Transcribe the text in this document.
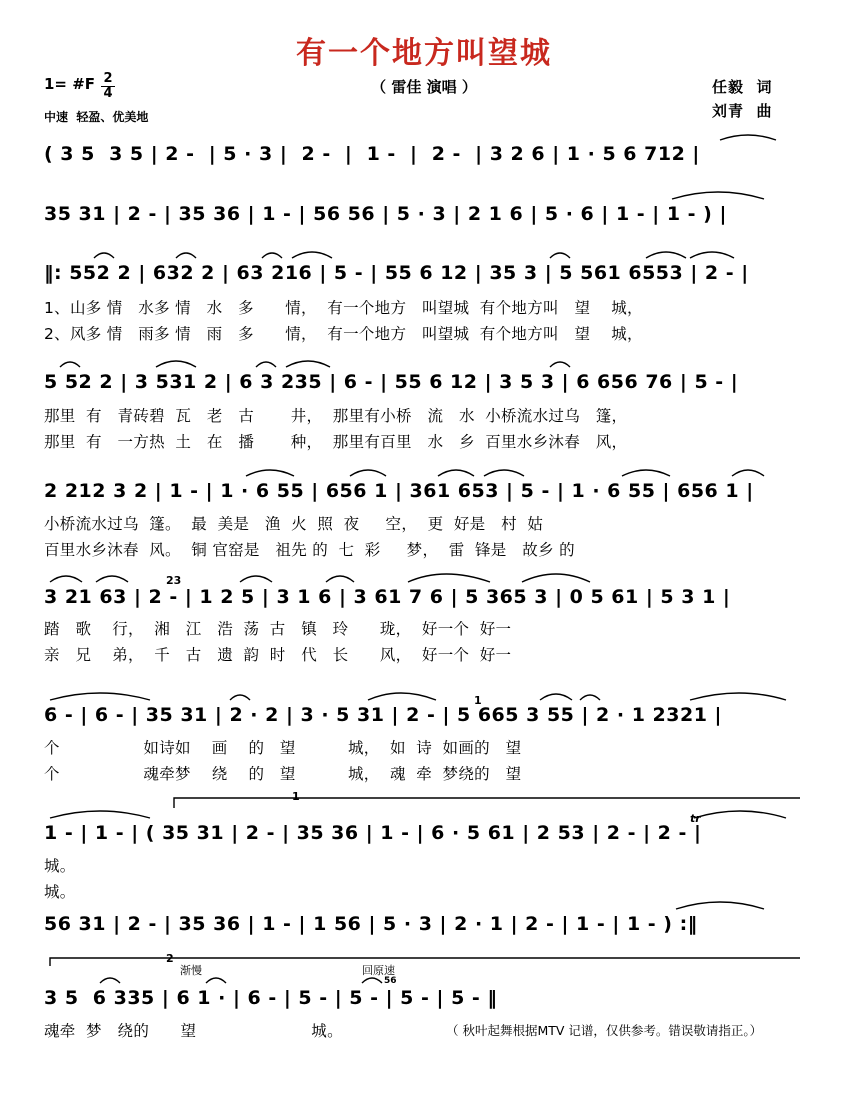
有一个地方叫望城
（ 雷佳 演唱 ）
1= #F 2
4
中速  轻盈、优美地
任毅  词
刘青  曲
( 3 5  3 5 | 2 -  | 5 · 3 |  2 -  |  1 -  |  2 -  | 3 2 6 | 1 · 5 6 712 |
35 31 | 2 - | 35 36 | 1 - | 56 56 | 5 · 3 | 2 1 6 | 5 · 6 | 1 - | 1 - ) |
‖: 552 2 | 632 2 | 63 216 | 5 - | 55 6 12 | 35 3 | 5 561 6553 | 2 - |
1、山多 情   水多 情   水   多      情，  有一个地方   叫望城  有个地方叫   望    城，
2、风多 情   雨多 情   雨   多      情，  有一个地方   叫望城  有个地方叫   望    城，
5 52 2 | 3 531 2 | 6 3 235 | 6 - | 55 6 12 | 3 5 3 | 6 656 76 | 5 - |
那里  有   青砖碧  瓦   老   古       井，  那里有小桥   流   水  小桥流水过乌   篷，
那里  有   一方热  土   在   播       种，  那里有百里   水   乡  百里水乡沐春   风，
2 212 3 2 | 1 - | 1 · 6 55 | 656 1 | 361 653 | 5 - | 1 · 6 55 | 656 1 |
小桥流水过乌  篷。  最  美是   渔  火  照  夜     空，  更  好是   村  姑
百里水乡沐春  风。  铜 官窑是   祖先 的  七  彩     梦，  雷  锋是   故乡 的
23
3 21 63 | 2 - | 1 2 5 | 3 1 6 | 3 61 7 6 | 5 365 3 | 0 5 61 | 5 3 1 |
踏   歌    行，  湘   江   浩  荡  古   镇   玲      珑，  好一个  好一
亲   兄    弟，  千   古   遗  韵  时   代   长      风，  好一个  好一
1
6 - | 6 - | 35 31 | 2 · 2 | 3 · 5 31 | 2 - | 5 665 3 55 | 2 · 1 2321 |
个                如诗如    画    的   望          城，  如  诗  如画的   望
个                魂牵梦    绕    的   望          城，  魂  牵  梦绕的   望
1
tr
1 - | 1 - | ( 35 31 | 2 - | 35 36 | 1 - | 6 · 5 61 | 2 53 | 2 - | 2 - |
城。
城。
56 31 | 2 - | 35 36 | 1 - | 1 56 | 5 · 3 | 2 · 1 | 2 - | 1 - | 1 - ) :‖
2
渐慢	回原速
56
3 5  6 335 | 6 1 · | 6 - | 5 - | 5 - | 5 - | 5 - ‖
魂牵  梦   绕的      望                      城。	（ 秋叶起舞根据MTV 记谱，仅供参考。错误敬请指正。）
